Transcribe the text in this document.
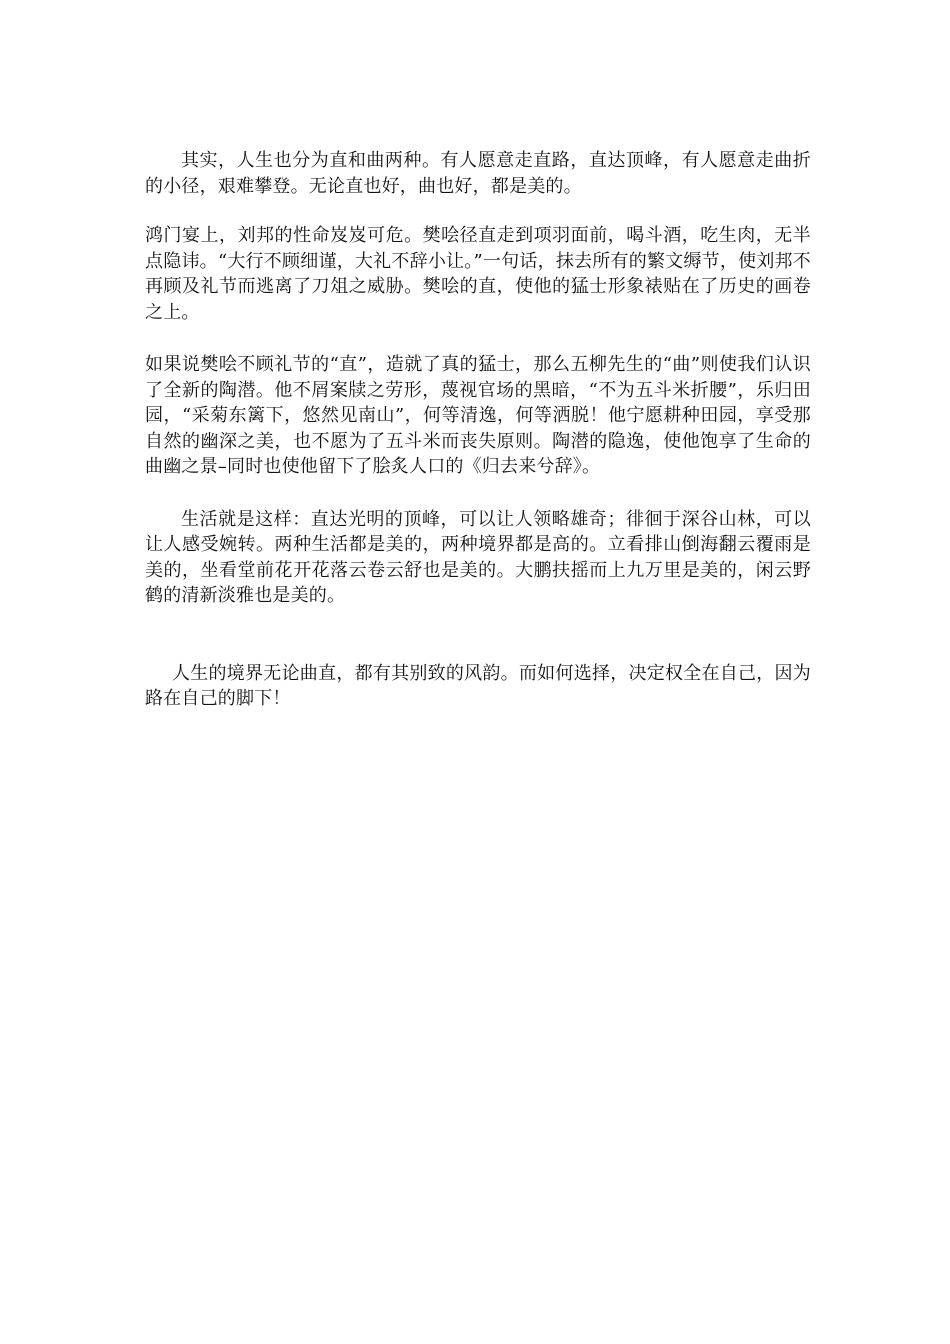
其实，人生也分为直和曲两种。有人愿意走直路，直达顶峰，有人愿意走曲折的小径，艰难攀登。无论直也好，曲也好，都是美的。

鸿门宴上，刘邦的性命岌岌可危。樊哙径直走到项羽面前，喝斗酒，吃生肉，无半点隐讳。“大行不顾细谨，大礼不辞小让。”一句话，抹去所有的繁文缛节，使刘邦不再顾及礼节而逃离了刀俎之威胁。樊哙的直，使他的猛士形象裱贴在了历史的画卷之上。

如果说樊哙不顾礼节的“直”，造就了真的猛士，那么五柳先生的“曲”则使我们认识了全新的陶潜。他不屑案牍之劳形，蔑视官场的黑暗，“不为五斗米折腰”，乐归田园，“采菊东篱下，悠然见南山”，何等清逸，何等洒脱！他宁愿耕种田园，享受那自然的幽深之美，也不愿为了五斗米而丧失原则。陶潜的隐逸，使他饱享了生命的曲幽之景–同时也使他留下了脍炙人口的《归去来兮辞》。

生活就是这样：直达光明的顶峰，可以让人领略雄奇；徘徊于深谷山林，可以让人感受婉转。两种生活都是美的，两种境界都是高的。立看排山倒海翻云覆雨是美的，坐看堂前花开花落云卷云舒也是美的。大鹏扶摇而上九万里是美的，闲云野鹤的清新淡雅也是美的。

人生的境界无论曲直，都有其别致的风韵。而如何选择，决定权全在自己，因为路在自己的脚下！
